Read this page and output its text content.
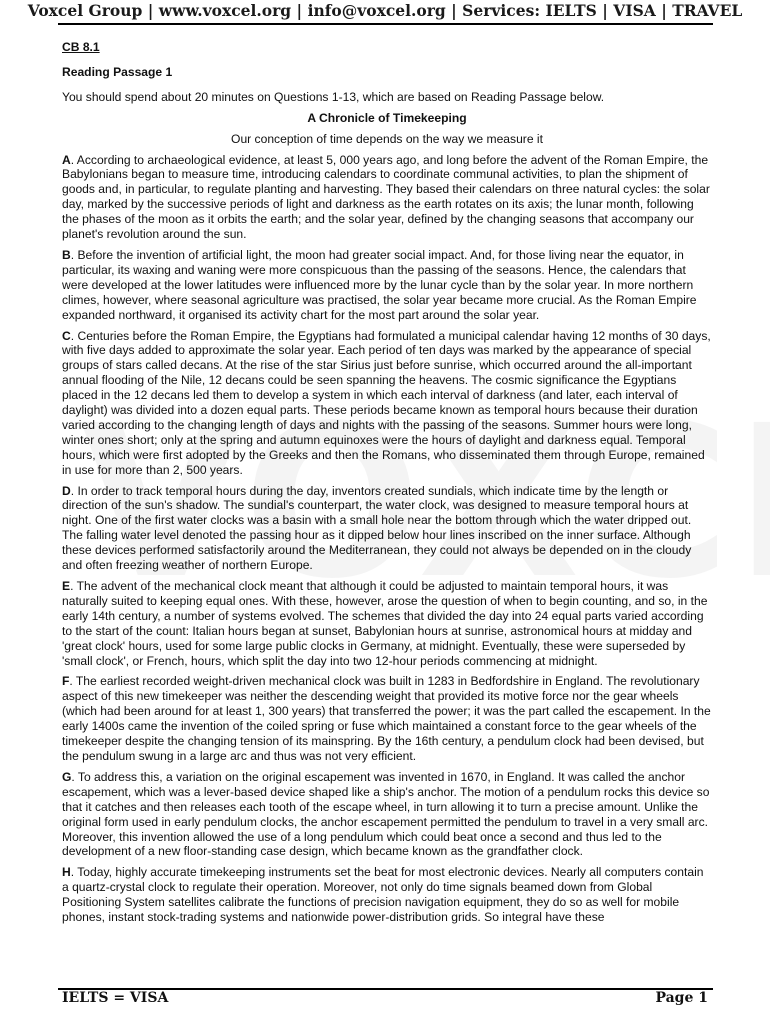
Voxcel Group | www.voxcel.org | info@voxcel.org | Services: IELTS | VISA | TRAVEL
CB 8.1
Reading Passage 1
You should spend about 20 minutes on Questions 1-13, which are based on Reading Passage below.
A Chronicle of Timekeeping
Our conception of time depends on the way we measure it

A. According to archaeological evidence, at least 5, 000 years ago, and long before the advent of the Roman Empire, the Babylonians began to measure time, introducing calendars to coordinate communal activities, to plan the shipment of goods and, in particular, to regulate planting and harvesting. They based their calendars on three natural cycles: the solar day, marked by the successive periods of light and darkness as the earth rotates on its axis; the lunar month, following the phases of the moon as it orbits the earth; and the solar year, defined by the changing seasons that accompany our planet's revolution around the sun.

B. Before the invention of artificial light, the moon had greater social impact. And, for those living near the equator, in particular, its waxing and waning were more conspicuous than the passing of the seasons. Hence, the calendars that were developed at the lower latitudes were influenced more by the lunar cycle than by the solar year. In more northern climes, however, where seasonal agriculture was practised, the solar year became more crucial. As the Roman Empire expanded northward, it organised its activity chart for the most part around the solar year.

C. Centuries before the Roman Empire, the Egyptians had formulated a municipal calendar having 12 months of 30 days, with five days added to approximate the solar year. Each period of ten days was marked by the appearance of special groups of stars called decans. At the rise of the star Sirius just before sunrise, which occurred around the all-important annual flooding of the Nile, 12 decans could be seen spanning the heavens. The cosmic significance the Egyptians placed in the 12 decans led them to develop a system in which each interval of darkness (and later, each interval of daylight) was divided into a dozen equal parts. These periods became known as temporal hours because their duration varied according to the changing length of days and nights with the passing of the seasons. Summer hours were long, winter ones short; only at the spring and autumn equinoxes were the hours of daylight and darkness equal. Temporal hours, which were first adopted by the Greeks and then the Romans, who disseminated them through Europe, remained in use for more than 2, 500 years.

D. In order to track temporal hours during the day, inventors created sundials, which indicate time by the length or direction of the sun's shadow. The sundial's counterpart, the water clock, was designed to measure temporal hours at night. One of the first water clocks was a basin with a small hole near the bottom through which the water dripped out. The falling water level denoted the passing hour as it dipped below hour lines inscribed on the inner surface. Although these devices performed satisfactorily around the Mediterranean, they could not always be depended on in the cloudy and often freezing weather of northern Europe.

E. The advent of the mechanical clock meant that although it could be adjusted to maintain temporal hours, it was naturally suited to keeping equal ones. With these, however, arose the question of when to begin counting, and so, in the early 14th century, a number of systems evolved. The schemes that divided the day into 24 equal parts varied according to the start of the count: Italian hours began at sunset, Babylonian hours at sunrise, astronomical hours at midday and 'great clock' hours, used for some large public clocks in Germany, at midnight. Eventually, these were superseded by 'small clock', or French, hours, which split the day into two 12-hour periods commencing at midnight.

F. The earliest recorded weight-driven mechanical clock was built in 1283 in Bedfordshire in England. The revolutionary aspect of this new timekeeper was neither the descending weight that provided its motive force nor the gear wheels (which had been around for at least 1, 300 years) that transferred the power; it was the part called the escapement. In the early 1400s came the invention of the coiled spring or fuse which maintained a constant force to the gear wheels of the timekeeper despite the changing tension of its mainspring. By the 16th century, a pendulum clock had been devised, but the pendulum swung in a large arc and thus was not very efficient.

G. To address this, a variation on the original escapement was invented in 1670, in England. It was called the anchor escapement, which was a lever-based device shaped like a ship's anchor. The motion of a pendulum rocks this device so that it catches and then releases each tooth of the escape wheel, in turn allowing it to turn a precise amount. Unlike the original form used in early pendulum clocks, the anchor escapement permitted the pendulum to travel in a very small arc. Moreover, this invention allowed the use of a long pendulum which could beat once a second and thus led to the development of a new floor-standing case design, which became known as the grandfather clock.

H. Today, highly accurate timekeeping instruments set the beat for most electronic devices. Nearly all computers contain a quartz-crystal clock to regulate their operation. Moreover, not only do time signals beamed down from Global Positioning System satellites calibrate the functions of precision navigation equipment, they do so as well for mobile phones, instant stock-trading systems and nationwide power-distribution grids. So integral have these

IELTS = VISA	Page 1
